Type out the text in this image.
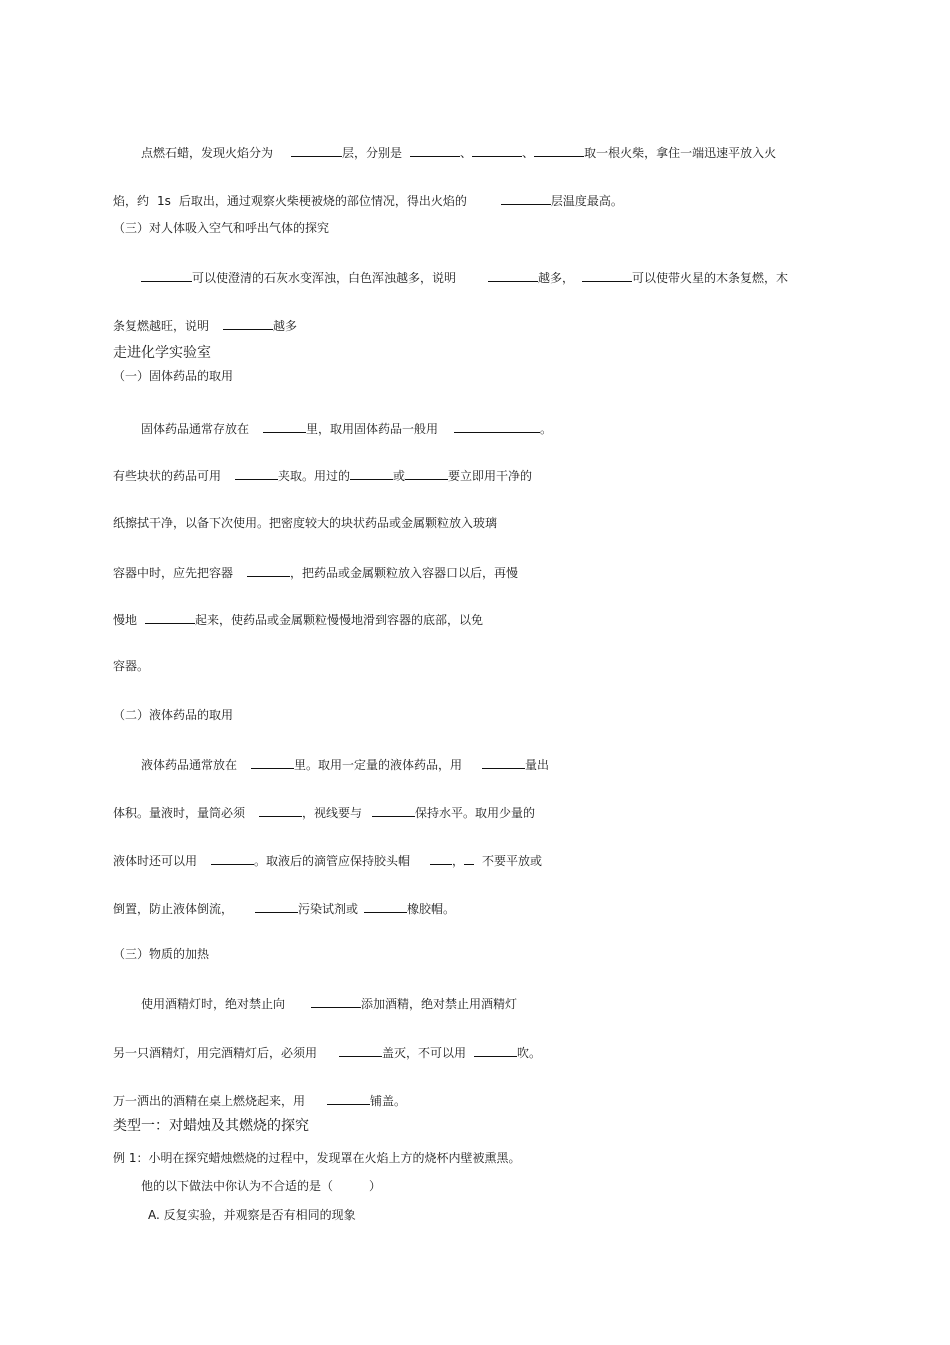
点燃石蜡，发现火焰分为	层，分别是	、	、	取一根火柴，拿住一端迅速平放入火
焰，约 1s 后取出，通过观察火柴梗被烧的部位情况，得出火焰的	层温度最高。
（三）对人体吸入空气和呼出气体的探究
可以使澄清的石灰水变浑浊，白色浑浊越多，说明	越多，	可以使带火星的木条复燃，木
条复燃越旺，说明	越多
走进化学实验室
（一）固体药品的取用
固体药品通常存放在	里，取用固体药品一般用	。
有些块状的药品可用	夹取。用过的	或	要立即用干净的
纸擦拭干净，以备下次使用。把密度较大的块状药品或金属颗粒放入玻璃
容器中时，应先把容器	，把药品或金属颗粒放入容器口以后，再慢
慢地	起来，使药品或金属颗粒慢慢地滑到容器的底部，以免
容器。
（二）液体药品的取用
液体药品通常放在	里。取用一定量的液体药品，用	量出
体积。量液时，量筒必须	，视线要与	保持水平。取用少量的
液体时还可以用	。取液后的滴管应保持胶头帽	， 不要平放或
倒置，防止液体倒流，	污染试剂或	橡胶帽。
（三）物质的加热
使用酒精灯时，绝对禁止向	添加酒精，绝对禁止用酒精灯
另一只酒精灯，用完酒精灯后，必须用	盖灭，不可以用	吹。
万一洒出的酒精在桌上燃烧起来，用	铺盖。
类型一：对蜡烛及其燃烧的探究
例 1：小明在探究蜡烛燃烧的过程中，发现罩在火焰上方的烧杯内壁被熏黑。
他的以下做法中你认为不合适的是（	）
A. 反复实验，并观察是否有相同的现象
